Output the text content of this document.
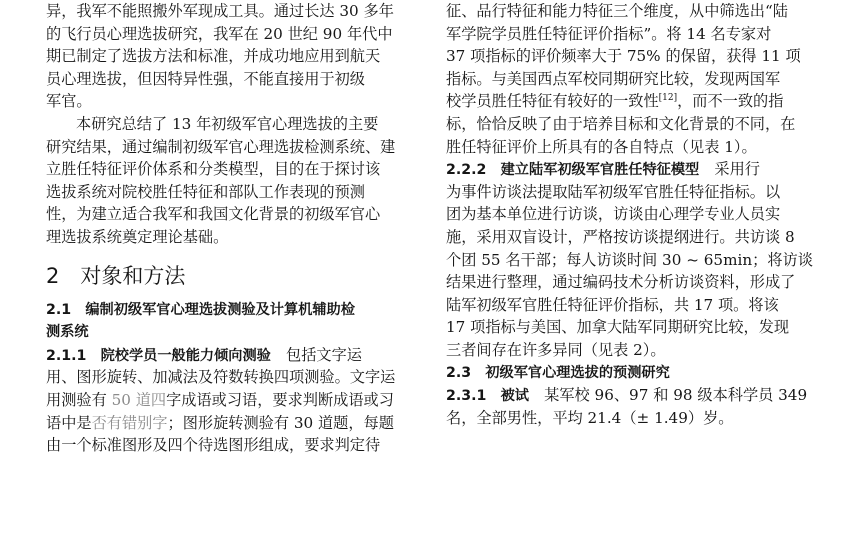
异，我军不能照搬外军现成工具。通过长达 30 多年
的飞行员心理选拔研究，我军在 20 世纪 90 年代中
期已制定了选拔方法和标准，并成功地应用到航天
员心理选拔，但因特异性强，不能直接用于初级
军官。
本研究总结了 13 年初级军官心理选拔的主要
研究结果，通过编制初级军官心理选拔检测系统、建
立胜任特征评价体系和分类模型，目的在于探讨该
选拔系统对院校胜任特征和部队工作表现的预测
性，为建立适合我军和我国文化背景的初级军官心
理选拔系统奠定理论基础。
2　对象和方法
2.1　编制初级军官心理选拔测验及计算机辅助检
测系统
2.1.1　院校学员一般能力倾向测验　包括文字运
用、图形旋转、加减法及符数转换四项测验。文字运
用测验有 50 道四字成语或习语，要求判断成语或习
语中是否有错别字；图形旋转测验有 30 道题，每题
由一个标准图形及四个待选图形组成，要求判定待
征、品行特征和能力特征三个维度，从中筛选出“陆
军学院学员胜任特征评价指标”。将 14 名专家对
37 项指标的评价频率大于 75% 的保留，获得 11 项
指标。与美国西点军校同期研究比较，发现两国军
校学员胜任特征有较好的一致性[12]，而不一致的指
标，恰恰反映了由于培养目标和文化背景的不同，在
胜任特征评价上所具有的各自特点（见表 1）。
2.2.2　建立陆军初级军官胜任特征模型　采用行
为事件访谈法提取陆军初级军官胜任特征指标。以
团为基本单位进行访谈，访谈由心理学专业人员实
施，采用双盲设计，严格按访谈提纲进行。共访谈 8
个团 55 名干部；每人访谈时间 30 ~ 65min；将访谈
结果进行整理，通过编码技术分析访谈资料，形成了
陆军初级军官胜任特征评价指标，共 17 项。将该
17 项指标与美国、加拿大陆军同期研究比较，发现
三者间存在许多异同（见表 2）。
2.3　初级军官心理选拔的预测研究
2.3.1　被试　某军校 96、97 和 98 级本科学员 349
名，全部男性，平均 21.4（± 1.49）岁。
